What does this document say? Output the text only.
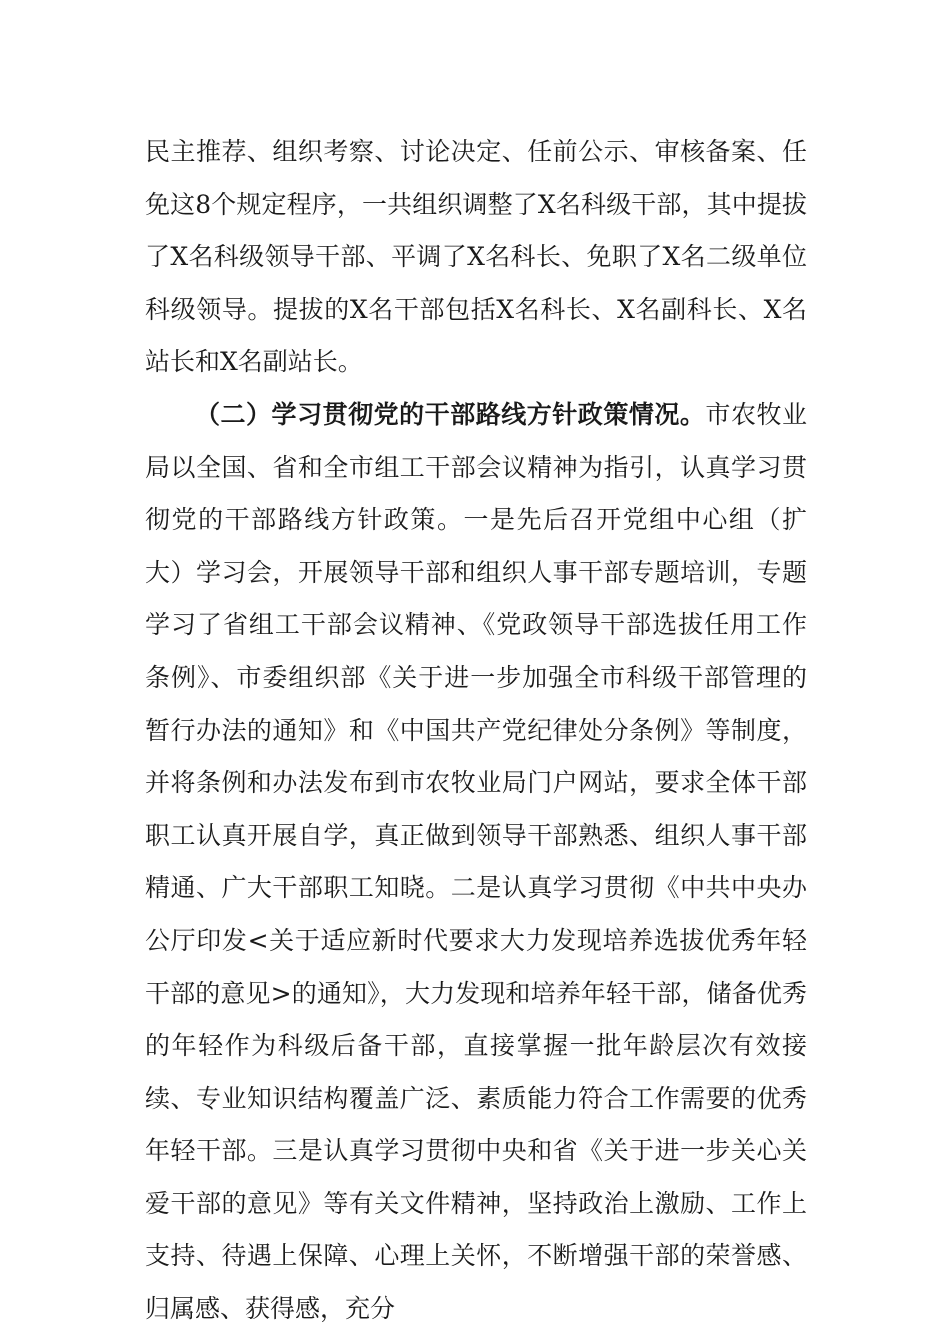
民主推荐、组织考察、讨论决定、任前公示、审核备案、任免这8个规定程序，一共组织调整了X名科级干部，其中提拔了X名科级领导干部、平调了X名科长、免职了X名二级单位科级领导。提拔的X名干部包括X名科长、X名副科长、X名站长和X名副站长。

（二）学习贯彻党的干部路线方针政策情况。市农牧业局以全国、省和全市组工干部会议精神为指引，认真学习贯彻党的干部路线方针政策。一是先后召开党组中心组（扩大）学习会，开展领导干部和组织人事干部专题培训，专题学习了省组工干部会议精神、《党政领导干部选拔任用工作条例》、市委组织部《关于进一步加强全市科级干部管理的暂行办法的通知》和《中国共产党纪律处分条例》等制度，并将条例和办法发布到市农牧业局门户网站，要求全体干部职工认真开展自学，真正做到领导干部熟悉、组织人事干部精通、广大干部职工知晓。二是认真学习贯彻《中共中央办公厅印发<关于适应新时代要求大力发现培养选拔优秀年轻干部的意见>的通知》，大力发现和培养年轻干部，储备优秀的年轻作为科级后备干部，直接掌握一批年龄层次有效接续、专业知识结构覆盖广泛、素质能力符合工作需要的优秀年轻干部。三是认真学习贯彻中央和省《关于进一步关心关爱干部的意见》等有关文件精神，坚持政治上激励、工作上支持、待遇上保障、心理上关怀，不断增强干部的荣誉感、归属感、获得感，充分
